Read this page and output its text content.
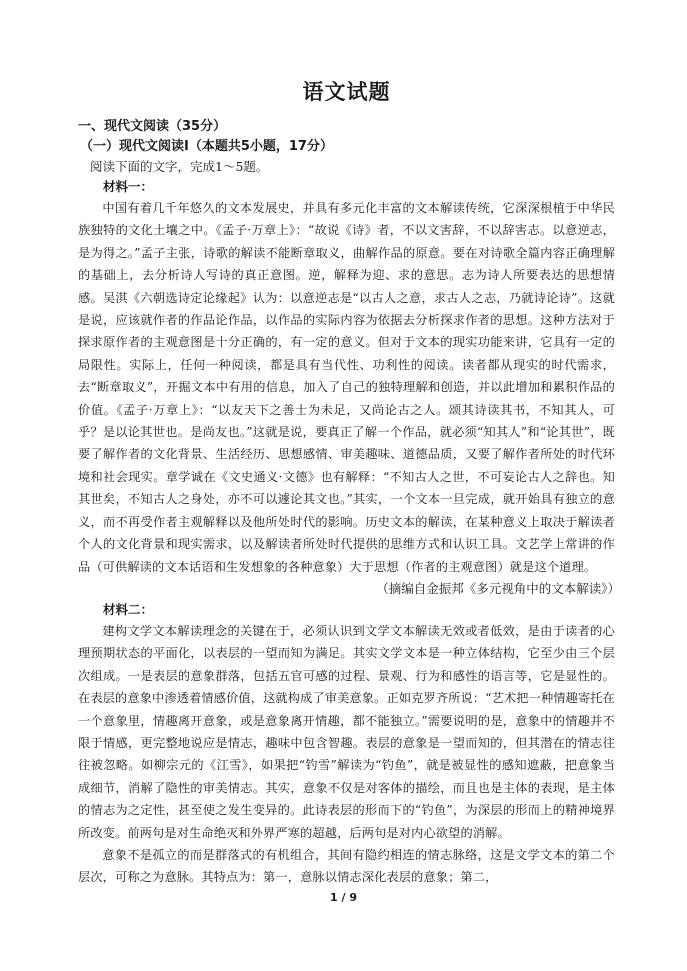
语文试题
一、现代文阅读（35分）
（一）现代文阅读Ⅰ（本题共5小题，17分）
阅读下面的文字，完成1～5题。
材料一：
中国有着几千年悠久的文本发展史，并具有多元化丰富的文本解读传统，它深深根植于中华民族独特的文化土壤之中。《孟子·万章上》：“故说《诗》者，不以文害辞，不以辞害志。以意逆志，是为得之。”孟子主张，诗歌的解读不能断章取义，曲解作品的原意。要在对诗歌全篇内容正确理解的基础上，去分析诗人写诗的真正意图。逆，解释为迎、求的意思。志为诗人所要表达的思想情感。吴淇《六朝选诗定论缘起》认为：以意逆志是“以古人之意，求古人之志，乃就诗论诗”。这就是说，应该就作者的作品论作品，以作品的实际内容为依据去分析探求作者的思想。这种方法对于探求原作者的主观意图是十分正确的，有一定的意义。但对于文本的现实功能来讲，它具有一定的局限性。实际上，任何一种阅读，都是具有当代性、功利性的阅读。读者都从现实的时代需求，去“断章取义”，开掘文本中有用的信息，加入了自己的独特理解和创造，并以此增加和累积作品的价值。《孟子·万章上》：“以友天下之善士为未足，又尚论古之人。颂其诗读其书，不知其人，可乎？是以论其世也。是尚友也。”这就是说，要真正了解一个作品，就必须“知其人”和“论其世”，既要了解作者的文化背景、生活经历、思想感情、审美趣味、道德品质，又要了解作者所处的时代环境和社会现实。章学诚在《文史通义·文德》也有解释：“不知古人之世，不可妄论古人之辞也。知其世矣，不知古人之身处，亦不可以遽论其文也。”其实，一个文本一旦完成，就开始具有独立的意义，而不再受作者主观解释以及他所处时代的影响。历史文本的解读，在某种意义上取决于解读者个人的文化背景和现实需求，以及解读者所处时代提供的思维方式和认识工具。文艺学上常讲的作品（可供解读的文本话语和生发想象的各种意象）大于思想（作者的主观意图）就是这个道理。
（摘编自金振邦《多元视角中的文本解读》）
材料二：
建构文学文本解读理念的关键在于，必须认识到文学文本解读无效或者低效，是由于读者的心理预期状态的平面化，以表层的一望而知为满足。其实文学文本是一种立体结构，它至少由三个层次组成。一是表层的意象群落，包括五官可感的过程、景观、行为和感性的语言等，它是显性的。在表层的意象中渗透着情感价值，这就构成了审美意象。正如克罗齐所说：“艺术把一种情趣寄托在一个意象里，情趣离开意象，或是意象离开情趣，都不能独立。”需要说明的是，意象中的情趣并不限于情感，更完整地说应是情志，趣味中包含智趣。表层的意象是一望而知的，但其潜在的情志往往被忽略。如柳宗元的《江雪》，如果把“钓雪”解读为“钓鱼”，就是被显性的感知遮蔽，把意象当成细节，消解了隐性的审美情志。其实，意象不仅是对客体的描绘，而且也是主体的表现，是主体的情志为之定性，甚至使之发生变异的。此诗表层的形而下的“钓鱼”，为深层的形而上的精神境界所改变。前两句是对生命绝灭和外界严寒的超越，后两句是对内心欲望的消解。
意象不是孤立的而是群落式的有机组合，其间有隐约相连的情志脉络，这是文学文本的第二个层次，可称之为意脉。其特点为：第一，意脉以情志深化表层的意象；第二，
1 / 9
